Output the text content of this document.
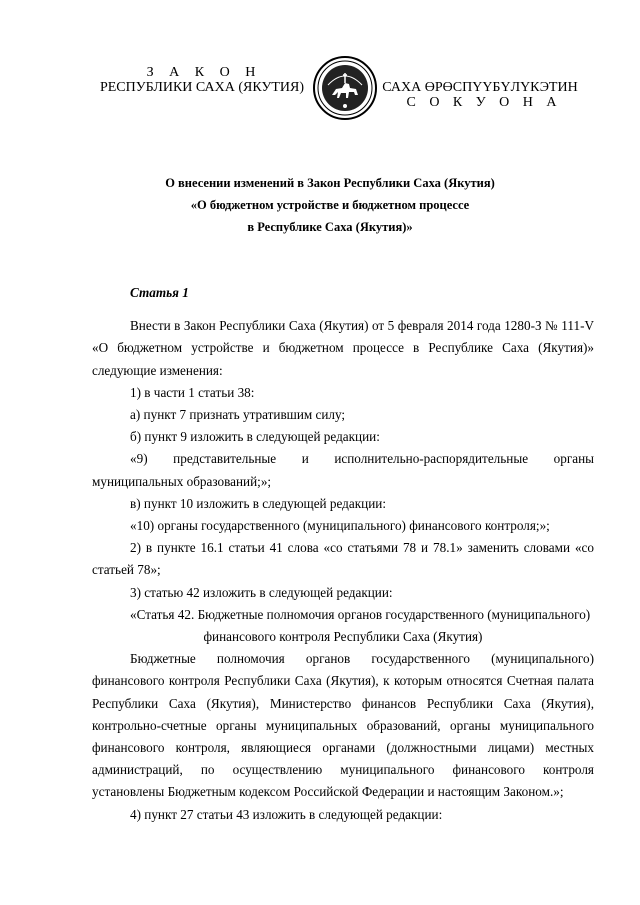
З А К О Н
РЕСПУБЛИКИ САХА (ЯКУТИЯ)	САХА ӨРӨСПҮҮБҮЛҮКЭТИН
С О К У О Н А
О внесении изменений в Закон Республики Саха (Якутия)
«О бюджетном устройстве и бюджетном процессе
в Республике Саха (Якутия)»

Статья 1

Внести в Закон Республики Саха (Якутия) от 5 февраля 2014 года 1280-З № 111-V «О бюджетном устройстве и бюджетном процессе в Республике Саха (Якутия)» следующие изменения:

1) в части 1 статьи 38:

а) пункт 7 признать утратившим силу;

б) пункт 9 изложить в следующей редакции:

«9) представительные и исполнительно-распорядительные органы муниципальных образований;»;

в) пункт 10 изложить в следующей редакции:

«10) органы государственного (муниципального) финансового контроля;»;

2) в пункте 16.1 статьи 41 слова «со статьями 78 и 78.1» заменить словами «со статьей 78»;

3) статью 42 изложить в следующей редакции:

«Статья 42. Бюджетные полномочия органов государственного (муниципального)

финансового контроля Республики Саха (Якутия)

Бюджетные полномочия органов государственного (муниципального) финансового контроля Республики Саха (Якутия), к которым относятся Счетная палата Республики Саха (Якутия), Министерство финансов Республики Саха (Якутия), контрольно-счетные органы муниципальных образований, органы муниципального финансового контроля, являющиеся органами (должностными лицами) местных администраций, по осуществлению муниципального финансового контроля установлены Бюджетным кодексом Российской Федерации и настоящим Законом.»;

4) пункт 27 статьи 43 изложить в следующей редакции:
